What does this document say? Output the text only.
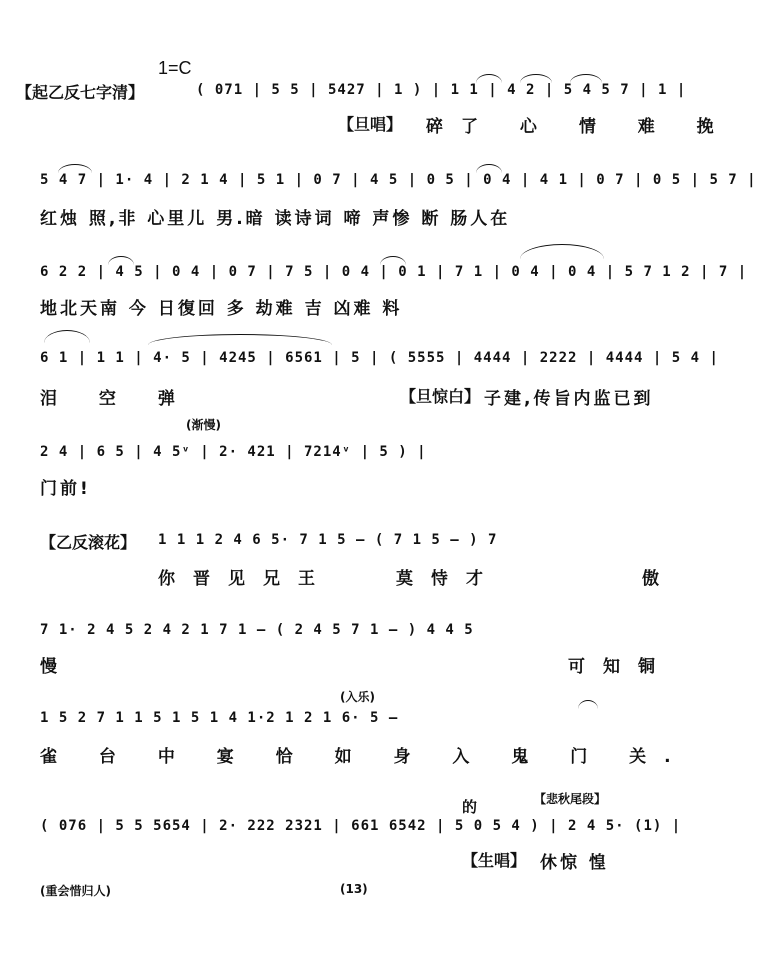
1=C
【起乙反七字清】	( 071 | 5 5 | 5427 | 1 ) | 1 1 | 4 2 | 5 4 5 7 | 1 |
【旦唱】 碎了 心 情 难 挽
5 4 7 | 1· 4 | 2 1 4 | 5 1 | 0 7 | 4 5 | 0 5 | 0 4 | 4 1 | 0 7 | 0 5 | 5 7 |
红烛 照,非 心里儿 男.暗 读诗词 啼 声惨 断 肠人在
6 2 2 | 4 5 | 0 4 | 0 7 | 7 5 | 0 4 | 0 1 | 7 1 | 0 4 | 0 4 | 5 7 1 2 | 7 |
地北天南 今 日復回 多 劫难 吉 凶难 料
6 1 | 1 1 | 4· 5 | 4245 | 6561 | 5 | ( 5555 | 4444 | 2222 | 4444 | 5 4 |
泪 空 弹	【旦惊白】 子建,传旨内监已到
(渐慢)
2 4 | 6 5 | 4 5ᵛ | 2· 421 | 7214ᵛ | 5 ) |
门前!
【乙反滚花】 1 1 1 2 4 6 5· 7 1 5 – ( 7 1 5 – ) 7
你晋见兄王	莫恃才	傲
7 1· 2 4 5 2 4 2 1 7 1 – ( 2 4 5 7 1 – ) 4 4 5
慢	可知铜
(入乐)
1 5 2 7 1 1 5 1 5 1 4 1·2 1 2 1 6· 5 –
雀 台 中 宴 恰 如 身 入 鬼 门 关.
的	【悲秋尾段】
( 076 | 5 5 5654 | 2· 222 2321 | 661 6542 | 5 0 5 4 ) | 2 4 5· (1) |
【生唱】 休惊 惶
(重会惜归人)	(13)
